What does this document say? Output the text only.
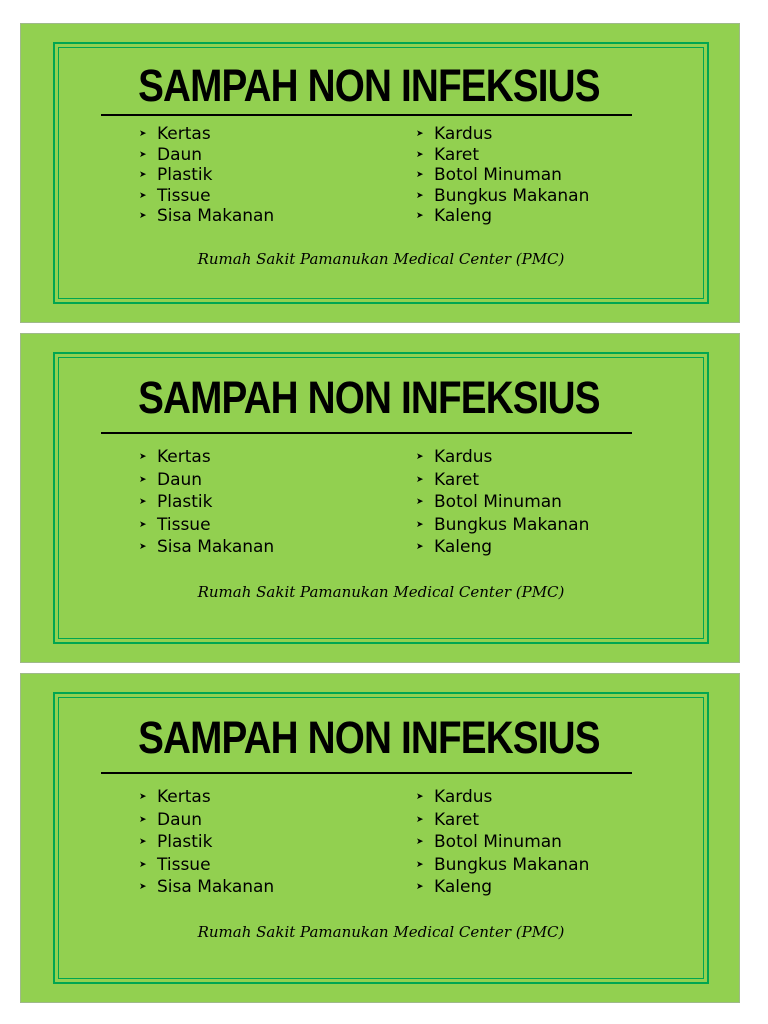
SAMPAH NON INFEKSIUS
➤ Kertas
➤ Daun
➤ Plastik
➤ Tissue
➤ Sisa Makanan
➤ Kardus
➤ Karet
➤ Botol Minuman
➤ Bungkus Makanan
➤ Kaleng
Rumah Sakit Pamanukan Medical Center (PMC)
SAMPAH NON INFEKSIUS
➤ Kertas
➤ Daun
➤ Plastik
➤ Tissue
➤ Sisa Makanan
➤ Kardus
➤ Karet
➤ Botol Minuman
➤ Bungkus Makanan
➤ Kaleng
Rumah Sakit Pamanukan Medical Center (PMC)
SAMPAH NON INFEKSIUS
➤ Kertas
➤ Daun
➤ Plastik
➤ Tissue
➤ Sisa Makanan
➤ Kardus
➤ Karet
➤ Botol Minuman
➤ Bungkus Makanan
➤ Kaleng
Rumah Sakit Pamanukan Medical Center (PMC)
